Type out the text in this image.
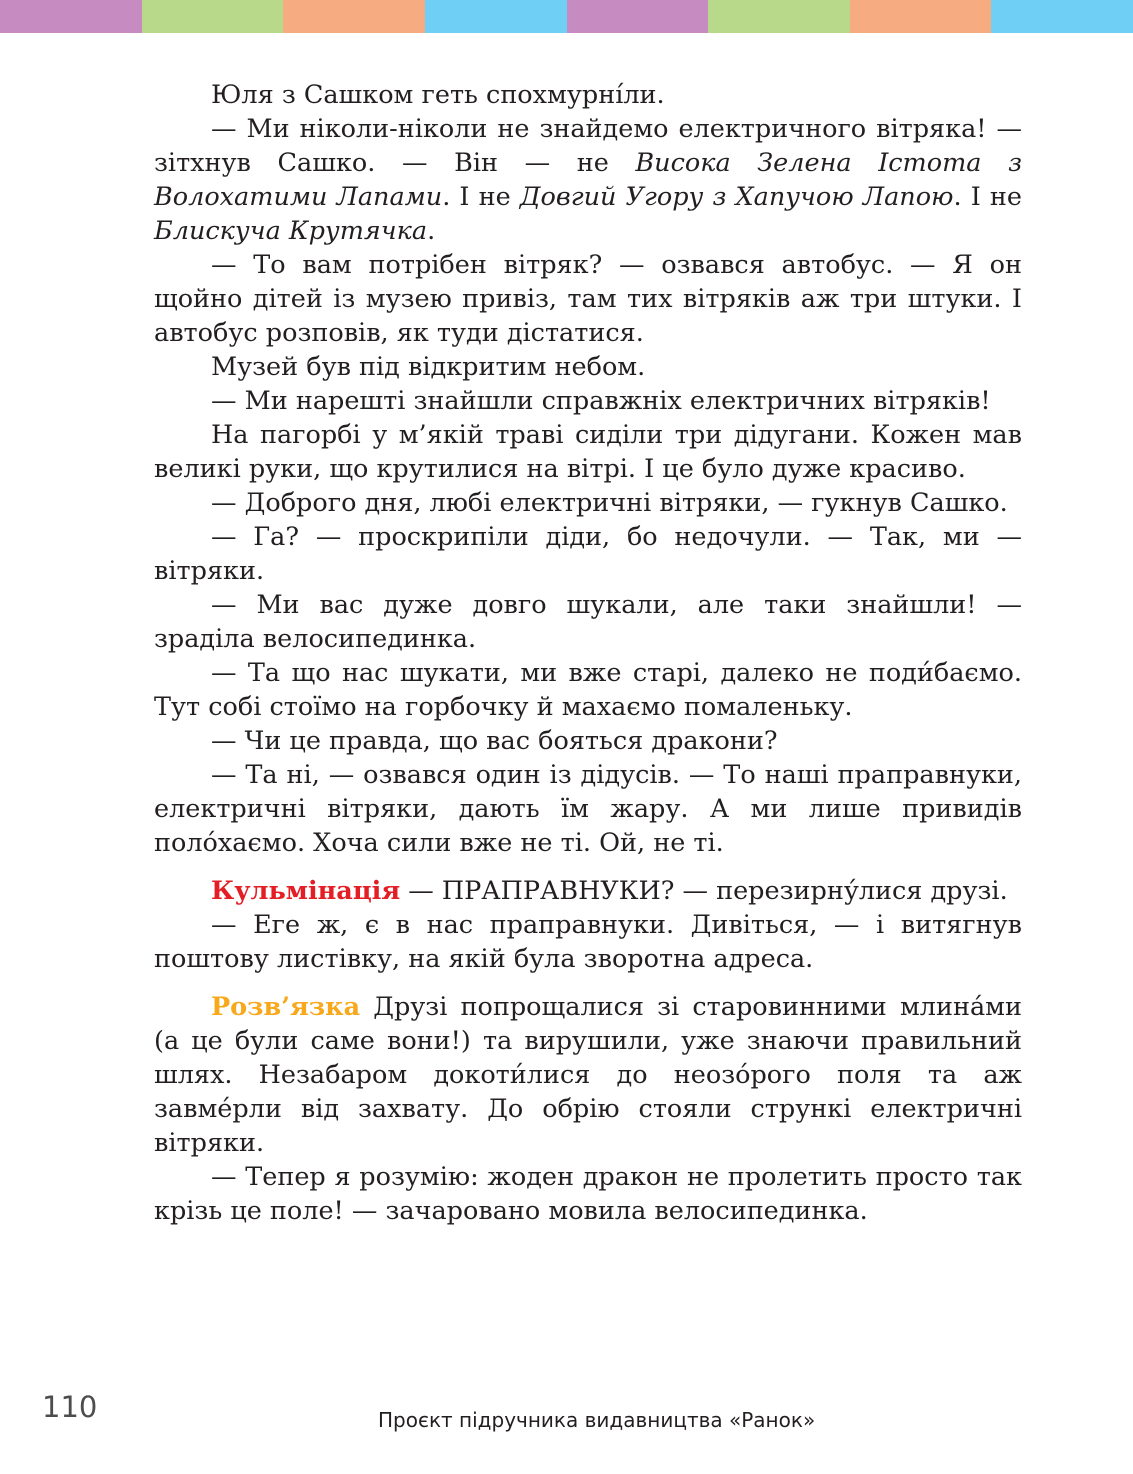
Юля з Сашком геть спохмурні́ли.

— Ми ніколи-ніколи не знайдемо електричного вітряка! — зітхнув Сашко. — Він — не Висока Зелена Істота з Волохатими Лапами. І не Довгий Угору з Хапучою Лапою. І не Блискуча Крутячка.

— То вам потрібен вітряк? — озвався автобус. — Я он щойно дітей із музею привіз, там тих вітряків аж три штуки. І автобус розповів, як туди дістатися.

Музей був під відкритим небом.

— Ми нарешті знайшли справжніх електричних вітряків!

На пагорбі у м’якій траві сиділи три дідугани. Кожен мав великі руки, що крутилися на вітрі. І це було дуже красиво.

— Доброго дня, любі електричні вітряки, — гукнув Сашко.

— Га? — проскрипіли діди, бо недочули. — Так, ми — вітряки.

— Ми вас дуже довго шукали, але таки знайшли! — зраділа велосипединка.

— Та що нас шукати, ми вже старі, далеко не поди́баємо. Тут собі стоїмо на горбочку й махаємо помаленьку.

— Чи це правда, що вас бояться дракони?

— Та ні, — озвався один із дідусів. — То наші праправнуки, електричні вітряки, дають їм жару. А ми лише привидів поло́хаємо. Хоча сили вже не ті. Ой, не ті.

Кульмінація — ПРАПРАВНУКИ? — перезирну́лися друзі.

— Еге ж, є в нас праправнуки. Дивіться, — і витягнув поштову листівку, на якій була зворотна адреса.

Розв’язка Друзі попрощалися зі старовинними млина́ми (а це були саме вони!) та вирушили, уже знаючи правильний шлях. Незабаром докоти́лися до неозо́рого поля та аж завме́рли від захвату. До обрію стояли стрункі електричні вітряки.

— Тепер я розумію: жоден дракон не пролетить просто так крізь це поле! — зачаровано мовила велосипединка.

110	Проєкт підручника видавництва «Ранок»
